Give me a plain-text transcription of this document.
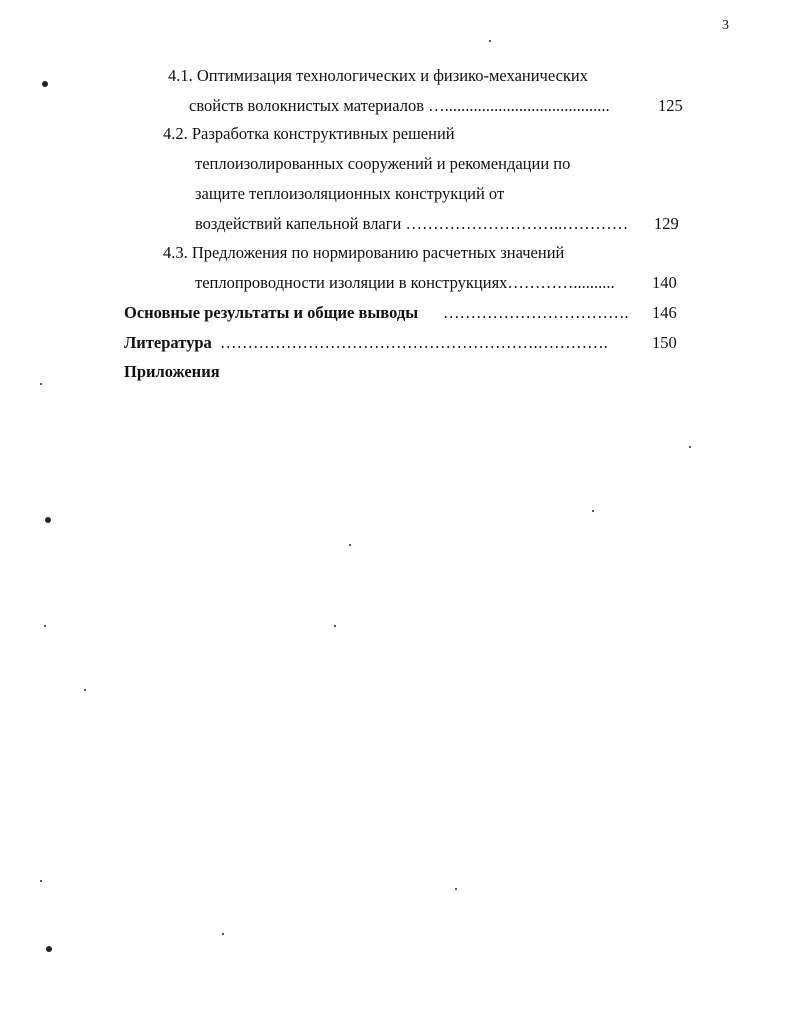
3
4.1. Оптимизация технологических и физико-механических
свойств волокнистых материалов …........................................	125
4.2. Разработка конструктивных решений
теплоизолированных сооружений и рекомендации по
защите теплоизоляционных конструкций от
воздействий капельной влаги ………………………..………… 129
4.3. Предложения по нормированию расчетных значений
теплопроводности изоляции в конструкциях………….......... 140
Основные результаты и общие выводы ……………………………. 146
Литература ………………………………………………….………….	150
Приложения
